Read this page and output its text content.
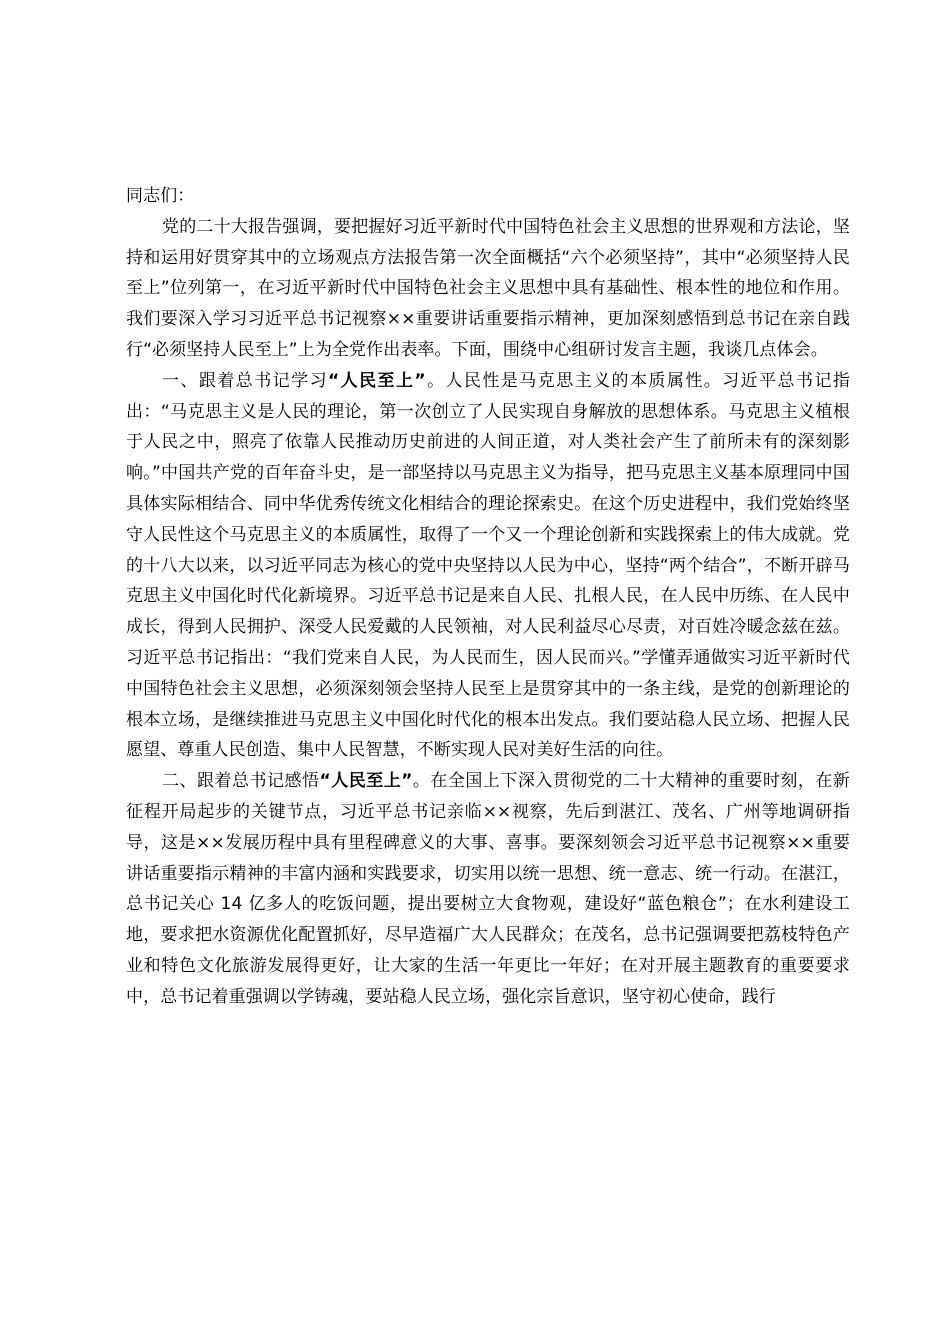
同志们：

党的二十大报告强调，要把握好习近平新时代中国特色社会主义思想的世界观和方法论，坚持和运用好贯穿其中的立场观点方法报告第一次全面概括“六个必须坚持”，其中“必须坚持人民至上”位列第一，在习近平新时代中国特色社会主义思想中具有基础性、根本性的地位和作用。我们要深入学习习近平总书记视察××重要讲话重要指示精神，更加深刻感悟到总书记在亲自践行“必须坚持人民至上”上为全党作出表率。下面，围绕中心组研讨发言主题，我谈几点体会。

一、跟着总书记学习“人民至上”。人民性是马克思主义的本质属性。习近平总书记指出：“马克思主义是人民的理论，第一次创立了人民实现自身解放的思想体系。马克思主义植根于人民之中，照亮了依靠人民推动历史前进的人间正道，对人类社会产生了前所未有的深刻影响。”中国共产党的百年奋斗史，是一部坚持以马克思主义为指导，把马克思主义基本原理同中国具体实际相结合、同中华优秀传统文化相结合的理论探索史。在这个历史进程中，我们党始终坚守人民性这个马克思主义的本质属性，取得了一个又一个理论创新和实践探索上的伟大成就。党的十八大以来，以习近平同志为核心的党中央坚持以人民为中心，坚持“两个结合”，不断开辟马克思主义中国化时代化新境界。习近平总书记是来自人民、扎根人民，在人民中历练、在人民中成长，得到人民拥护、深受人民爱戴的人民领袖，对人民利益尽心尽责，对百姓冷暖念兹在兹。习近平总书记指出：“我们党来自人民，为人民而生，因人民而兴。”学懂弄通做实习近平新时代中国特色社会主义思想，必须深刻领会坚持人民至上是贯穿其中的一条主线，是党的创新理论的根本立场，是继续推进马克思主义中国化时代化的根本出发点。我们要站稳人民立场、把握人民愿望、尊重人民创造、集中人民智慧，不断实现人民对美好生活的向往。

二、跟着总书记感悟“人民至上”。在全国上下深入贯彻党的二十大精神的重要时刻，在新征程开局起步的关键节点，习近平总书记亲临××视察，先后到湛江、茂名、广州等地调研指导，这是××发展历程中具有里程碑意义的大事、喜事。要深刻领会习近平总书记视察××重要讲话重要指示精神的丰富内涵和实践要求，切实用以统一思想、统一意志、统一行动。在湛江，总书记关心 14 亿多人的吃饭问题，提出要树立大食物观，建设好“蓝色粮仓”；在水利建设工地，要求把水资源优化配置抓好，尽早造福广大人民群众；在茂名，总书记强调要把荔枝特色产业和特色文化旅游发展得更好，让大家的生活一年更比一年好；在对开展主题教育的重要要求中，总书记着重强调以学铸魂，要站稳人民立场，强化宗旨意识，坚守初心使命，践行
